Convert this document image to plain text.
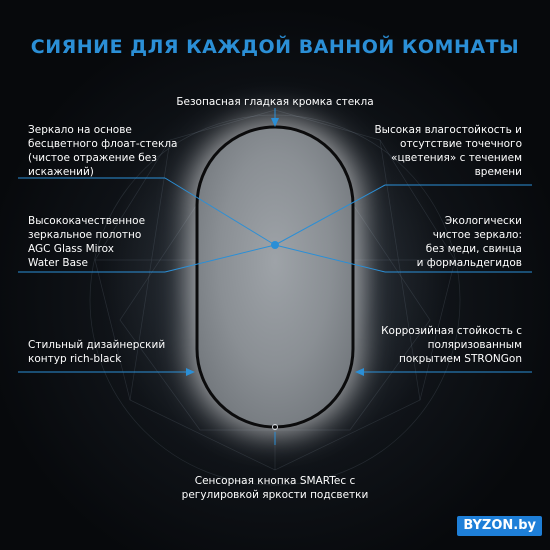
СИЯНИЕ ДЛЯ КАЖДОЙ ВАННОЙ КОМНАТЫ
Безопасная гладкая кромка стекла
Зеркало на основе
бесцветного флоат-стекла
(чистое отражение без
искажений)
Высококачественное
зеркальное полотно
AGC Glass Mirox
Water Base
Стильный дизайнерский
контур rich-black
Высокая влагостойкость и
отсутствие точечного
«цветения» с течением
времени
Экологически
чистое зеркало:
без меди, свинца
и формальдегидов
Коррозийная стойкость с
поляризованным
покрытием STRONGon
Сенсорная кнопка SMARTec с
регулировкой яркости подсветки
BYZON.by
